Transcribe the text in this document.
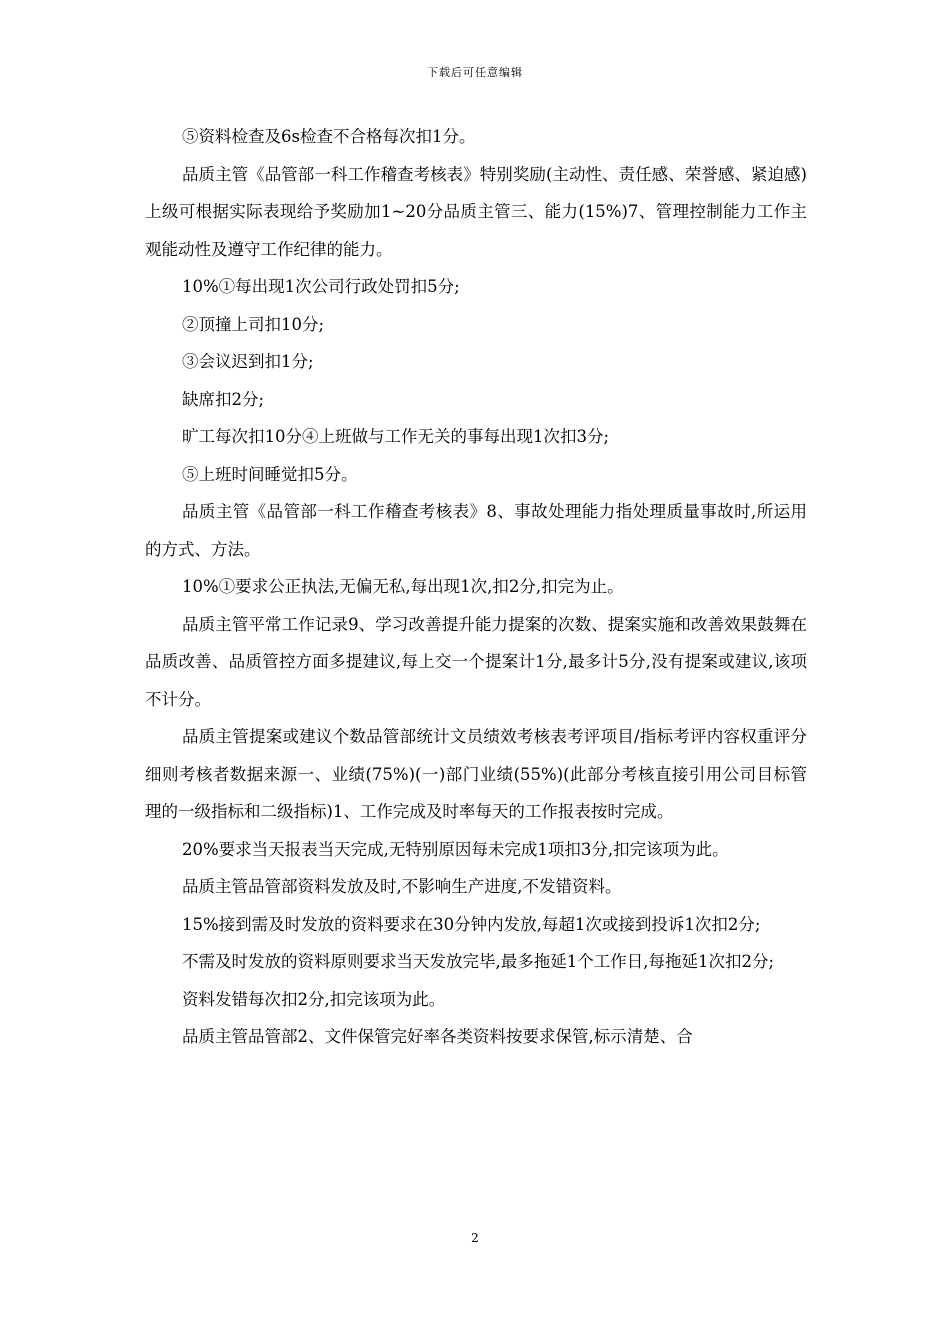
下载后可任意编辑

⑤资料检查及6s检查不合格每次扣1分。

品质主管《品管部一科工作稽查考核表》特别奖励(主动性、责任感、荣誉感、紧迫感)上级可根据实际表现给予奖励加1~20分品质主管三、能力(15%)7、管理控制能力工作主观能动性及遵守工作纪律的能力。

10%①每出现1次公司行政处罚扣5分;

②顶撞上司扣10分;

③会议迟到扣1分;

缺席扣2分;

旷工每次扣10分④上班做与工作无关的事每出现1次扣3分;

⑤上班时间睡觉扣5分。

品质主管《品管部一科工作稽查考核表》8、事故处理能力指处理质量事故时,所运用的方式、方法。

10%①要求公正执法,无偏无私,每出现1次,扣2分,扣完为止。

品质主管平常工作记录9、学习改善提升能力提案的次数、提案实施和改善效果鼓舞在品质改善、品质管控方面多提建议,每上交一个提案计1分,最多计5分,没有提案或建议,该项不计分。

品质主管提案或建议个数品管部统计文员绩效考核表考评项目/指标考评内容权重评分细则考核者数据来源一、业绩(75%)(一)部门业绩(55%)(此部分考核直接引用公司目标管理的一级指标和二级指标)1、工作完成及时率每天的工作报表按时完成。

20%要求当天报表当天完成,无特别原因每未完成1项扣3分,扣完该项为此。

品质主管品管部资料发放及时,不影响生产进度,不发错资料。

15%接到需及时发放的资料要求在30分钟内发放,每超1次或接到投诉1次扣2分;

不需及时发放的资料原则要求当天发放完毕,最多拖延1个工作日,每拖延1次扣2分;

资料发错每次扣2分,扣完该项为此。

品质主管品管部2、文件保管完好率各类资料按要求保管,标示清楚、合

2
